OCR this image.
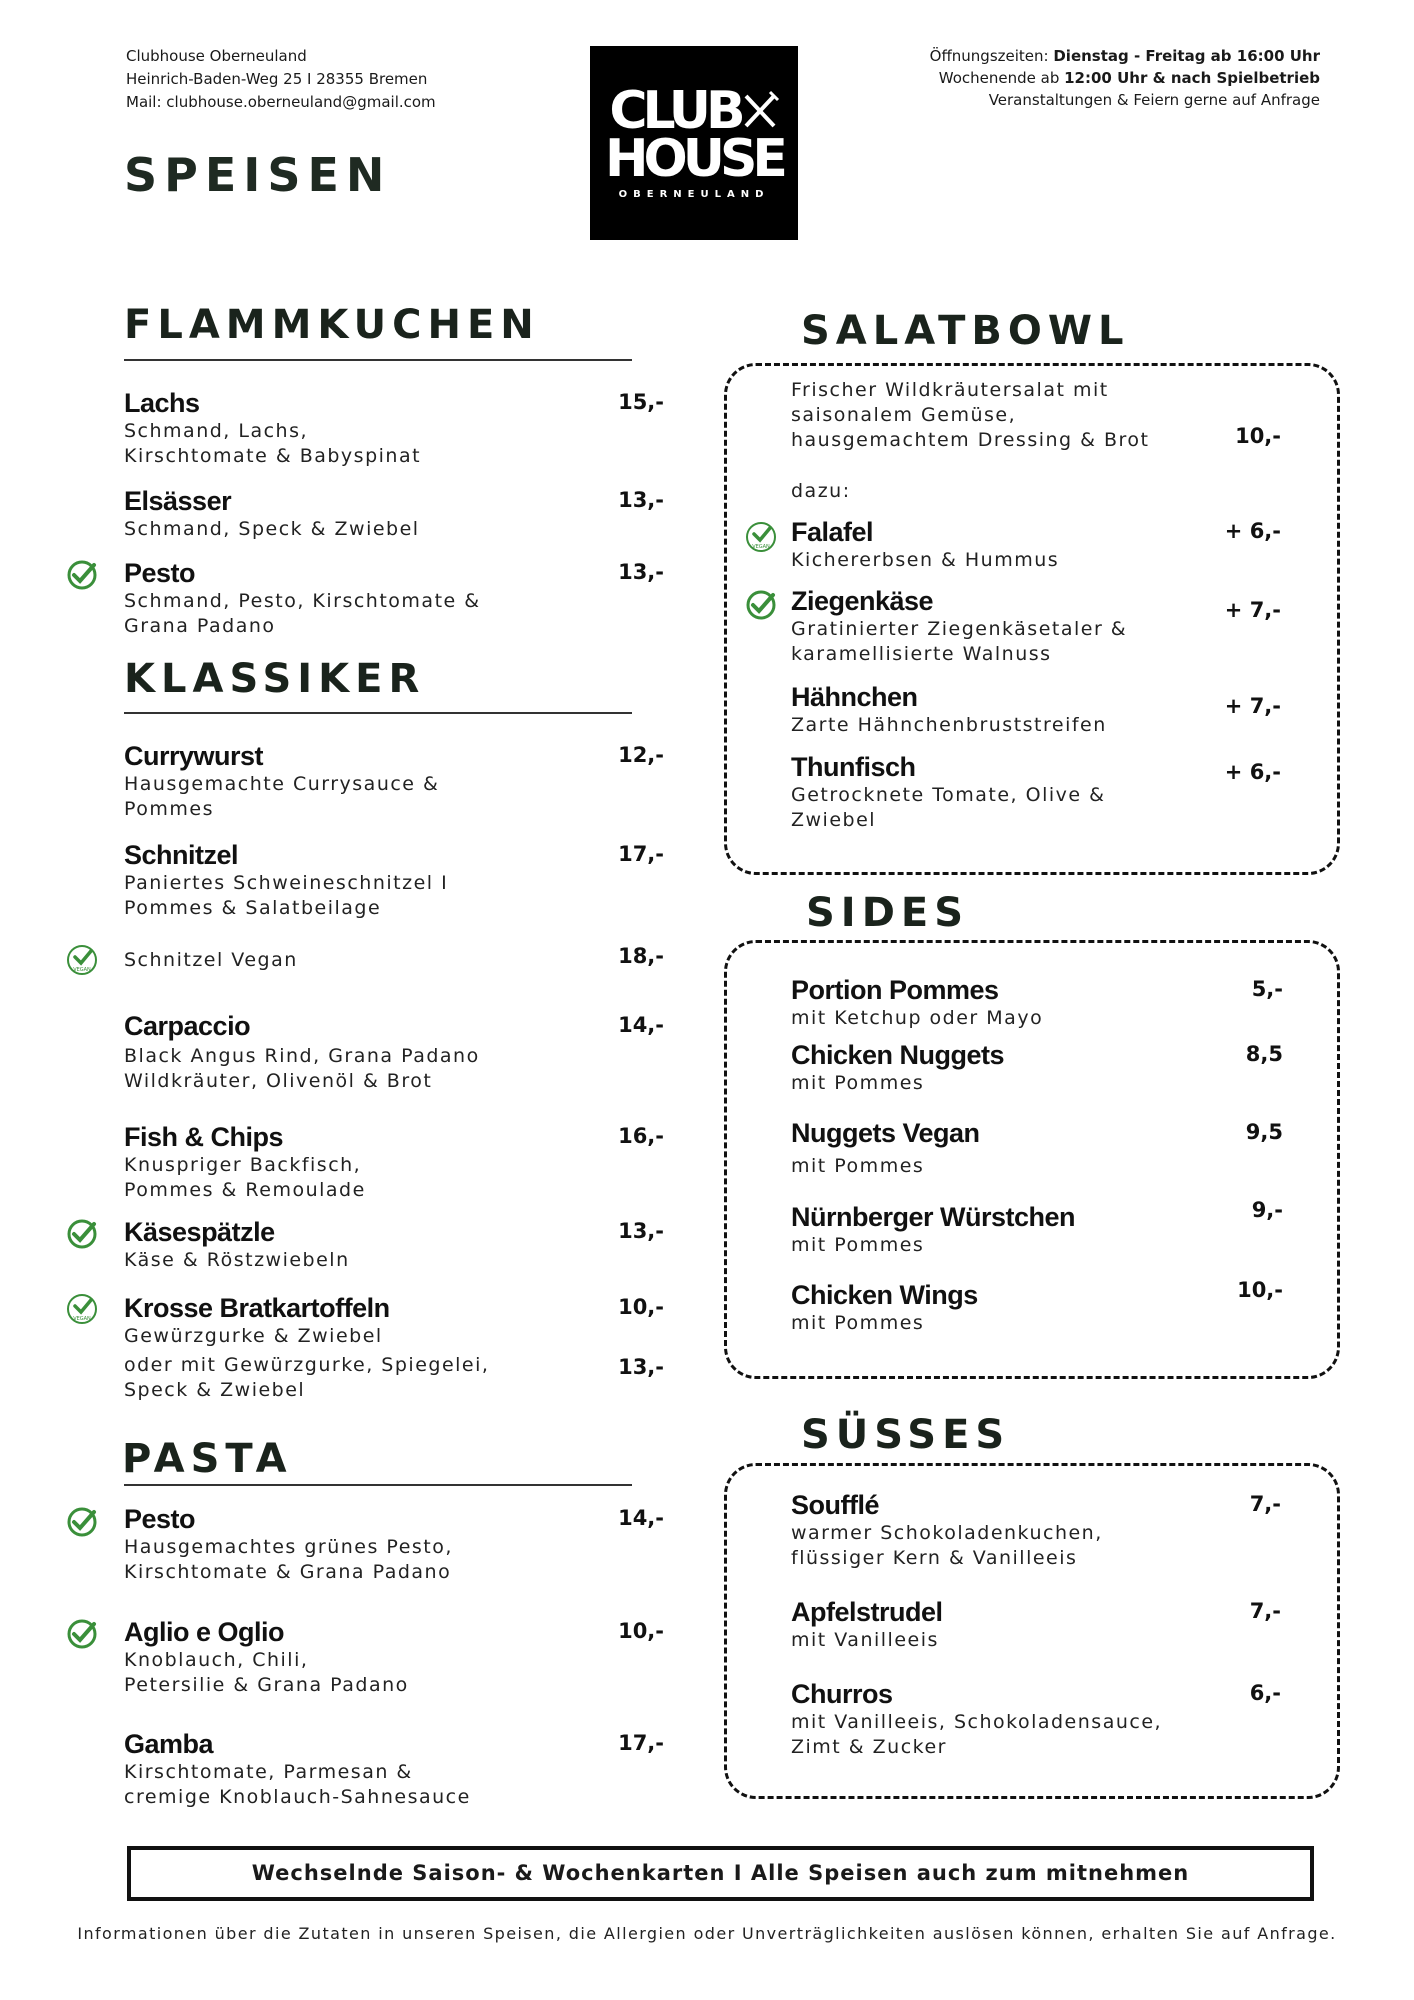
Clubhouse Oberneuland
Heinrich-Baden-Weg 25 I 28355 Bremen
Mail: clubhouse.oberneuland@gmail.com
Öffnungszeiten: Dienstag - Freitag ab 16:00 Uhr
Wochenende ab 12:00 Uhr & nach Spielbetrieb
Veranstaltungen & Feiern gerne auf Anfrage
CLUB
HOUSE
OBERNEULAND
SPEISEN
FLAMMKUCHEN
Lachs
Schmand, Lachs,
Kirschtomate & Babyspinat
15,-
Elsässer
Schmand, Speck & Zwiebel
13,-
Pesto
Schmand, Pesto, Kirschtomate &
Grana Padano
13,-
KLASSIKER
Currywurst
Hausgemachte Currysauce &
Pommes
12,-
Schnitzel
Paniertes Schweineschnitzel I
Pommes & Salatbeilage
17,-
Schnitzel Vegan	18,-
VEGAN
Carpaccio
Black Angus Rind, Grana Padano
Wildkräuter, Olivenöl & Brot
14,-
Fish & Chips
Knuspriger Backfisch,
Pommes & Remoulade
16,-
Käsespätzle
Käse & Röstzwiebeln
13,-
Krosse Bratkartoffeln
Gewürzgurke & Zwiebel
10,-
VEGAN
oder mit Gewürzgurke, Spiegelei,
Speck & Zwiebel
13,-
PASTA
Pesto
Hausgemachtes grünes Pesto,
Kirschtomate & Grana Padano
14,-
Aglio e Oglio
Knoblauch, Chili,
Petersilie & Grana Padano
10,-
Gamba
Kirschtomate, Parmesan &
cremige Knoblauch-Sahnesauce
17,-
SALATBOWL
Frischer Wildkräutersalat mit
saisonalem Gemüse,
hausgemachtem Dressing & Brot	10,-
dazu:
Falafel
Kichererbsen & Hummus
+ 6,-
VEGAN
Ziegenkäse
Gratinierter Ziegenkäsetaler &
karamellisierte Walnuss
+ 7,-
Hähnchen
Zarte Hähnchenbruststreifen
+ 7,-
Thunfisch
Getrocknete Tomate, Olive &
Zwiebel
+ 6,-
SIDES
Portion Pommes
mit Ketchup oder Mayo
5,-
Chicken Nuggets
mit Pommes
8,5
Nuggets Vegan
mit Pommes
9,5
Nürnberger Würstchen
mit Pommes
9,-
Chicken Wings
mit Pommes
10,-
SÜSSES
Soufflé
warmer Schokoladenkuchen,
flüssiger Kern & Vanilleeis
7,-
Apfelstrudel
mit Vanilleeis
7,-
Churros
mit Vanilleeis, Schokoladensauce,
Zimt & Zucker
6,-
Wechselnde Saison- & Wochenkarten I Alle Speisen auch zum mitnehmen
Informationen über die Zutaten in unseren Speisen, die Allergien oder Unverträglichkeiten auslösen können, erhalten Sie auf Anfrage.
